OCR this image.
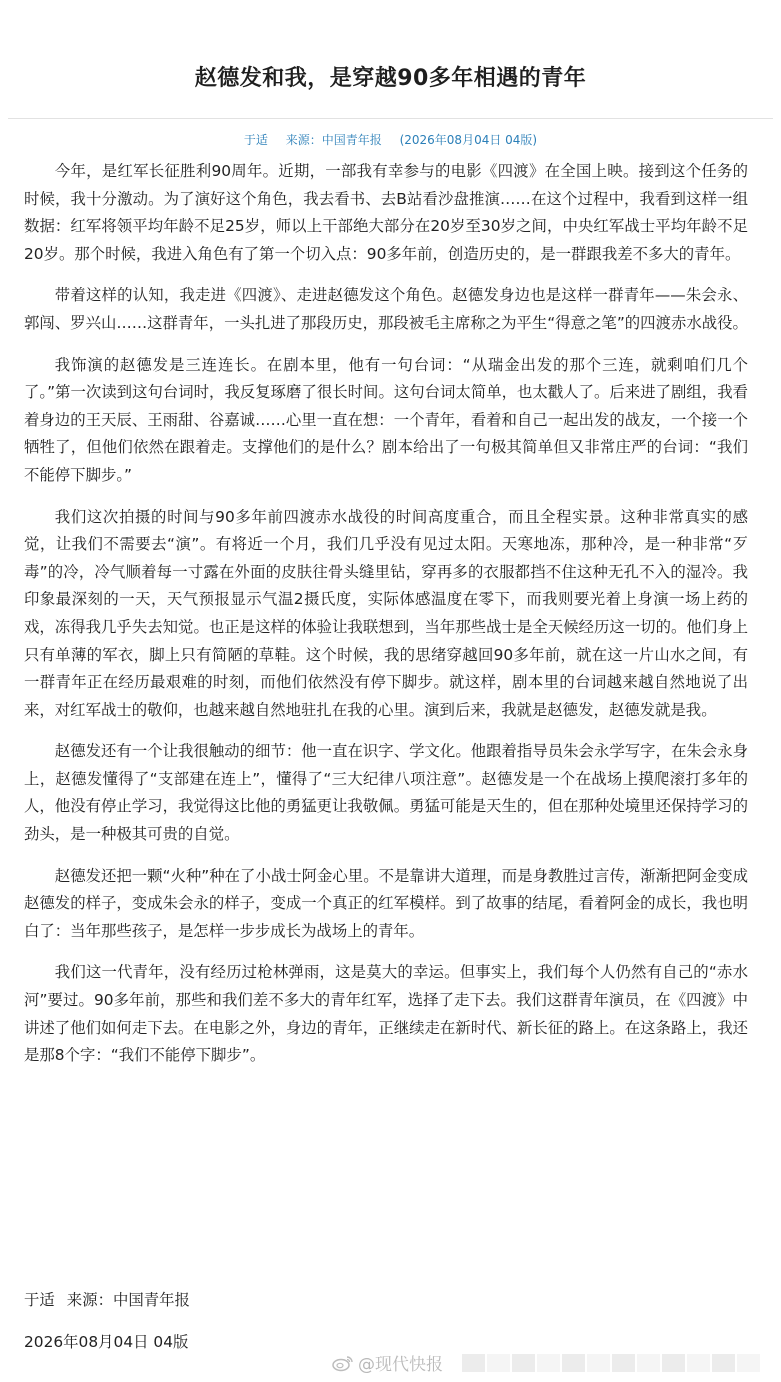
赵德发和我，是穿越90多年相遇的青年
于适 来源：中国青年报 (2026年08月04日 04版)

今年，是红军长征胜利90周年。近期，一部我有幸参与的电影《四渡》在全国上映。接到这个任务的时候，我十分激动。为了演好这个角色，我去看书、去B站看沙盘推演……在这个过程中，我看到这样一组数据：红军将领平均年龄不足25岁，师以上干部绝大部分在20岁至30岁之间，中央红军战士平均年龄不足20岁。那个时候，我进入角色有了第一个切入点：90多年前，创造历史的，是一群跟我差不多大的青年。

带着这样的认知，我走进《四渡》、走进赵德发这个角色。赵德发身边也是这样一群青年——朱会永、郭闯、罗兴山……这群青年，一头扎进了那段历史，那段被毛主席称之为平生“得意之笔”的四渡赤水战役。

我饰演的赵德发是三连连长。在剧本里，他有一句台词：“从瑞金出发的那个三连，就剩咱们几个了。”第一次读到这句台词时，我反复琢磨了很长时间。这句台词太简单，也太戳人了。后来进了剧组，我看着身边的王天辰、王雨甜、谷嘉诚……心里一直在想：一个青年，看着和自己一起出发的战友，一个接一个牺牲了，但他们依然在跟着走。支撑他们的是什么？剧本给出了一句极其简单但又非常庄严的台词：“我们不能停下脚步。”

我们这次拍摄的时间与90多年前四渡赤水战役的时间高度重合，而且全程实景。这种非常真实的感觉，让我们不需要去“演”。有将近一个月，我们几乎没有见过太阳。天寒地冻，那种冷，是一种非常“歹毒”的冷，冷气顺着每一寸露在外面的皮肤往骨头缝里钻，穿再多的衣服都挡不住这种无孔不入的湿冷。我印象最深刻的一天，天气预报显示气温2摄氏度，实际体感温度在零下，而我则要光着上身演一场上药的戏，冻得我几乎失去知觉。也正是这样的体验让我联想到，当年那些战士是全天候经历这一切的。他们身上只有单薄的军衣，脚上只有简陋的草鞋。这个时候，我的思绪穿越回90多年前，就在这一片山水之间，有一群青年正在经历最艰难的时刻，而他们依然没有停下脚步。就这样，剧本里的台词越来越自然地说了出来，对红军战士的敬仰，也越来越自然地驻扎在我的心里。演到后来，我就是赵德发，赵德发就是我。

赵德发还有一个让我很触动的细节：他一直在识字、学文化。他跟着指导员朱会永学写字，在朱会永身上，赵德发懂得了“支部建在连上”，懂得了“三大纪律八项注意”。赵德发是一个在战场上摸爬滚打多年的人，他没有停止学习，我觉得这比他的勇猛更让我敬佩。勇猛可能是天生的，但在那种处境里还保持学习的劲头，是一种极其可贵的自觉。

赵德发还把一颗“火种”种在了小战士阿金心里。不是靠讲大道理，而是身教胜过言传，渐渐把阿金变成赵德发的样子，变成朱会永的样子，变成一个真正的红军模样。到了故事的结尾，看着阿金的成长，我也明白了：当年那些孩子，是怎样一步步成长为战场上的青年。

我们这一代青年，没有经历过枪林弹雨，这是莫大的幸运。但事实上，我们每个人仍然有自己的“赤水河”要过。90多年前，那些和我们差不多大的青年红军，选择了走下去。我们这群青年演员，在《四渡》中讲述了他们如何走下去。在电影之外，身边的青年，正继续走在新时代、新长征的路上。在这条路上，我还是那8个字：“我们不能停下脚步”。

于适 来源：中国青年报
2026年08月04日 04版
@现代快报
